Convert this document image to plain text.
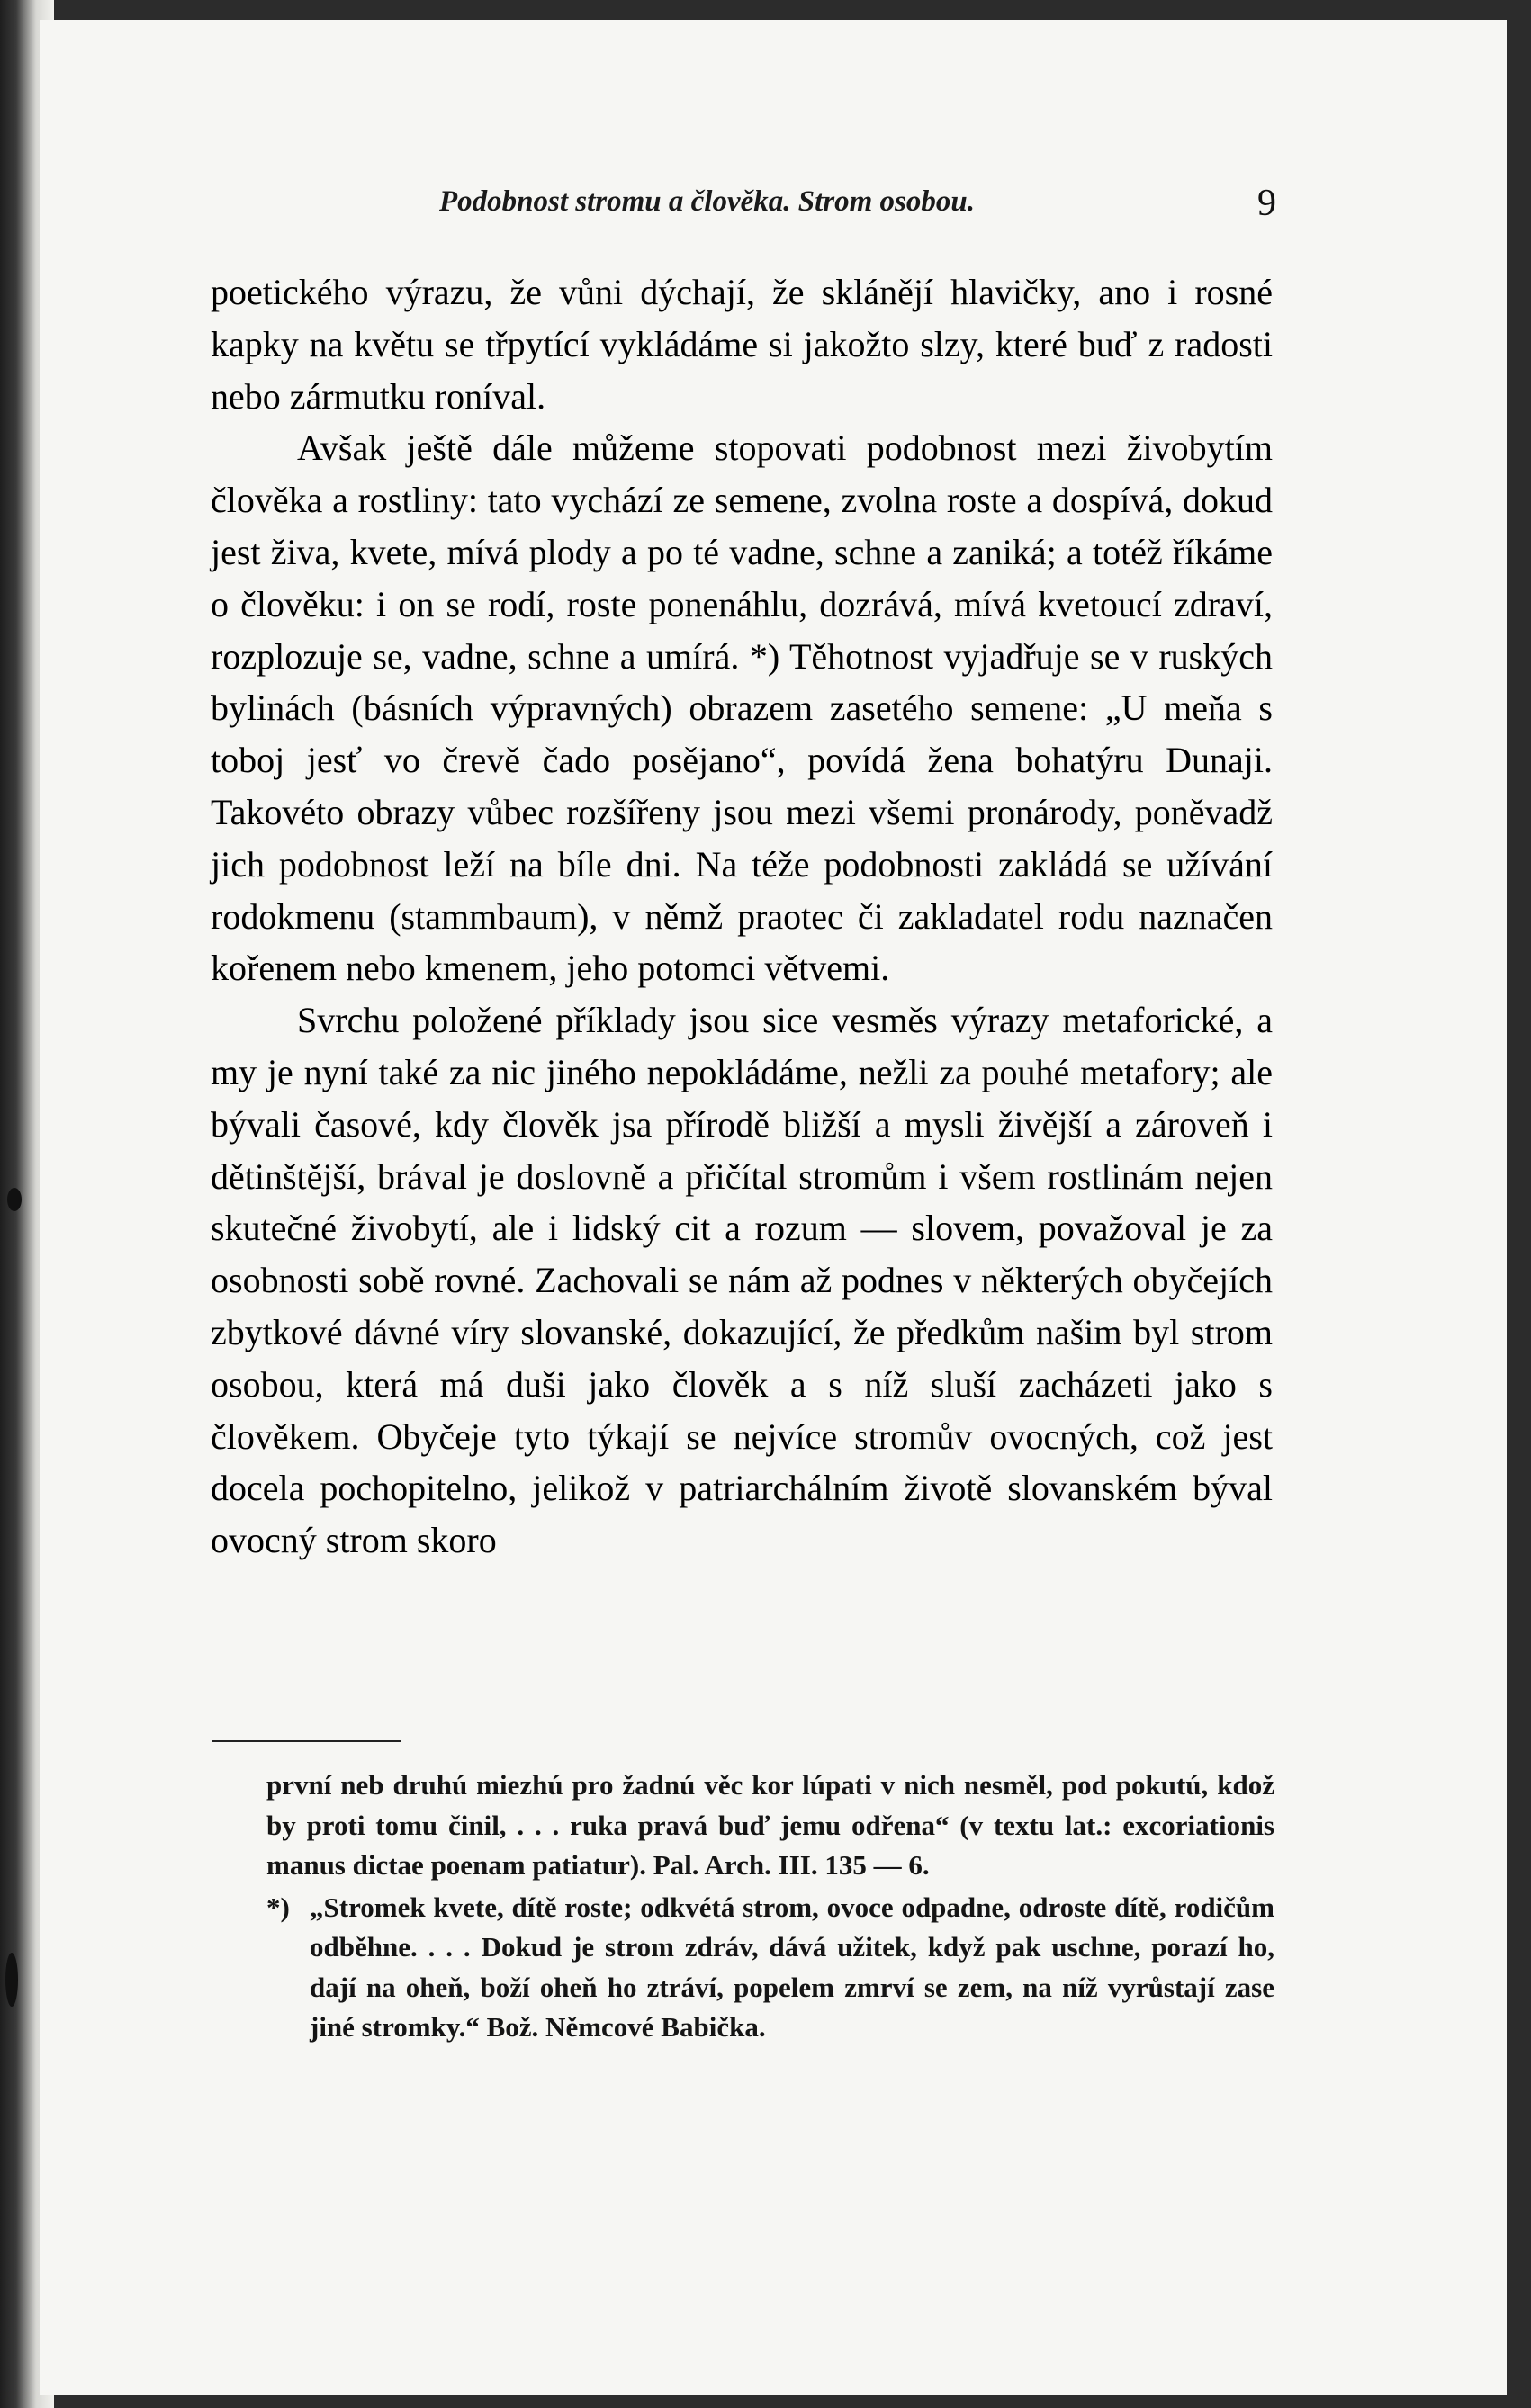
Podobnost stromu a člověka. Strom osobou.	9

poetického výrazu, že vůni dýchají, že sklánějí hlavičky, ano i rosné kapky na květu se třpytící vykládáme si jakožto slzy, které buď z radosti nebo zármutku roníval.

Avšak ještě dále můžeme stopovati podobnost mezi živobytím člověka a rostliny: tato vychází ze semene, zvolna roste a dospívá, dokud jest živa, kvete, mívá plody a po té vadne, schne a zaniká; a totéž říkáme o člověku: i on se rodí, roste ponenáhlu, dozrává, mívá kvetoucí zdraví, rozplozuje se, vadne, schne a umírá. *) Těhotnost vyjadřuje se v ruských bylinách (básních výpravných) obrazem zasetého semene: „U meňa s toboj jesť vo črevě čado posějano“, povídá žena bohatýru Dunaji. Takovéto obrazy vůbec rozšířeny jsou mezi všemi pronárody, poněvadž jich podobnost leží na bíle dni. Na téže podobnosti zakládá se užívání rodokmenu (stammbaum), v němž praotec či zakladatel rodu naznačen kořenem nebo kmenem, jeho potomci větvemi.

Svrchu položené příklady jsou sice vesměs výrazy metaforické, a my je nyní také za nic jiného nepokládáme, nežli za pouhé metafory; ale bývali časové, kdy člověk jsa přírodě bližší a mysli živější a zároveň i dětinštější, brával je doslovně a přičítal stromům i všem rostlinám nejen skutečné živobytí, ale i lidský cit a rozum — slovem, považoval je za osobnosti sobě rovné. Zachovali se nám až podnes v některých obyčejích zbytkové dávné víry slovanské, dokazující, že předkům našim byl strom osobou, která má duši jako člověk a s níž sluší zacházeti jako s člověkem. Obyčeje tyto týkají se nejvíce stromův ovocných, což jest docela pochopitelno, jelikož v patriarchálním životě slovanském býval ovocný strom skoro

první neb druhú miezhú pro žadnú věc kor lúpati v nich nesměl, pod pokutú, kdož by proti tomu činil, . . . ruka pravá buď jemu odřena“ (v textu lat.: excoriationis manus dictae poenam patiatur). Pal. Arch. III. 135 — 6.

*) „Stromek kvete, dítě roste; odkvétá strom, ovoce odpadne, odroste dítě, rodičům odběhne. . . . Dokud je strom zdráv, dává užitek, když pak uschne, porazí ho, dají na oheň, boží oheň ho ztráví, popelem zmrví se zem, na níž vyrůstají zase jiné stromky.“ Bož. Němcové Babička.
